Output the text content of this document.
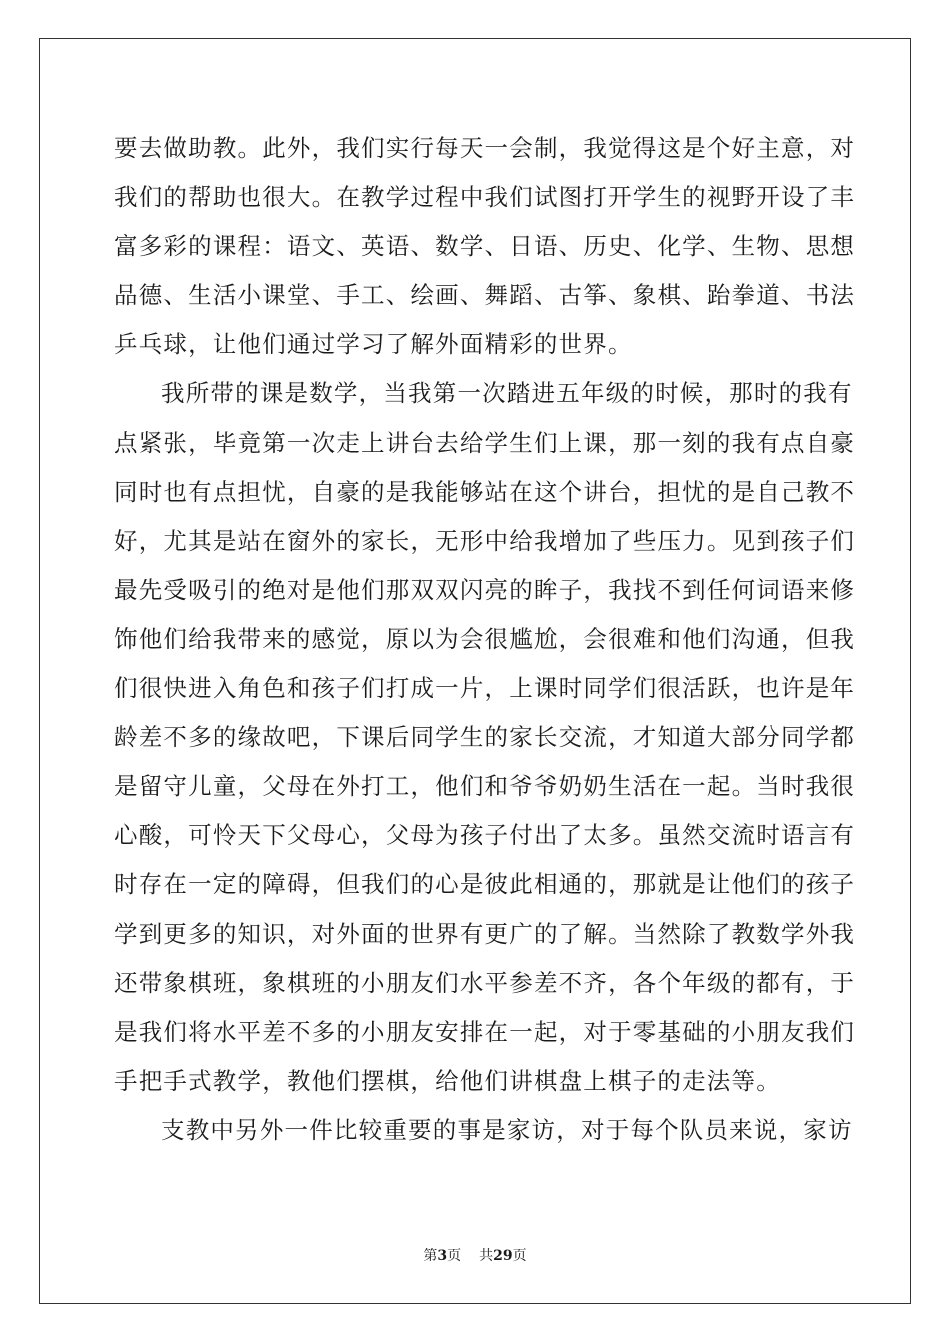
要 去 做 助 教 。 此 外 ， 我 们 实 行 每 天 一 会 制 ， 我 觉 得 这 是 个 好 主 意 ， 对
我 们 的 帮 助 也 很 大 。 在 教 学 过 程 中 我 们 试 图 打 开 学 生 的 视 野 开 设 了 丰
富 多 彩 的 课 程 ： 语 文 、 英 语 、 数 学 、 日 语 、 历 史 、 化 学 、 生 物 、 思 想
品 德 、 生 活 小 课 堂 、 手 工 、 绘 画 、 舞 蹈 、 古 筝 、 象 棋 、 跆 拳 道 、 书 法
乒乓球，让他们通过学习了解外面精彩的世界。
我 所 带 的 课 是 数 学 ， 当 我 第 一 次 踏 进 五 年 级 的 时 候 ， 那 时 的 我 有
点 紧 张 ， 毕 竟 第 一 次 走 上 讲 台 去 给 学 生 们 上 课 ， 那 一 刻 的 我 有 点 自 豪
同 时 也 有 点 担 忧 ， 自 豪 的 是 我 能 够 站 在 这 个 讲 台 ， 担 忧 的 是 自 己 教 不
好 ， 尤 其 是 站 在 窗 外 的 家 长 ， 无 形 中 给 我 增 加 了 些 压 力 。 见 到 孩 子 们
最 先 受 吸 引 的 绝 对 是 他 们 那 双 双 闪 亮 的 眸 子 ， 我 找 不 到 任 何 词 语 来 修
饰 他 们 给 我 带 来 的 感 觉 ， 原 以 为 会 很 尴 尬 ， 会 很 难 和 他 们 沟 通 ， 但 我
们 很 快 进 入 角 色 和 孩 子 们 打 成 一 片 ， 上 课 时 同 学 们 很 活 跃 ， 也 许 是 年
龄 差 不 多 的 缘 故 吧 ， 下 课 后 同 学 生 的 家 长 交 流 ， 才 知 道 大 部 分 同 学 都
是 留 守 儿 童 ， 父 母 在 外 打 工 ， 他 们 和 爷 爷 奶 奶 生 活 在 一 起 。 当 时 我 很
心 酸 ， 可 怜 天 下 父 母 心 ， 父 母 为 孩 子 付 出 了 太 多 。 虽 然 交 流 时 语 言 有
时 存 在 一 定 的 障 碍 ， 但 我 们 的 心 是 彼 此 相 通 的 ， 那 就 是 让 他 们 的 孩 子
学 到 更 多 的 知 识 ， 对 外 面 的 世 界 有 更 广 的 了 解 。 当 然 除 了 教 数 学 外 我
还 带 象 棋 班 ， 象 棋 班 的 小 朋 友 们 水 平 参 差 不 齐 ， 各 个 年 级 的 都 有 ， 于
是 我 们 将 水 平 差 不 多 的 小 朋 友 安 排 在 一 起 ， 对 于 零 基 础 的 小 朋 友 我 们
手把手式教学，教他们摆棋，给他们讲棋盘上棋子的走法等。
支 教 中 另 外 一 件 比 较 重 要 的 事 是 家 访 ， 对 于 每 个 队 员 来 说 ， 家 访
第3页 共29页
